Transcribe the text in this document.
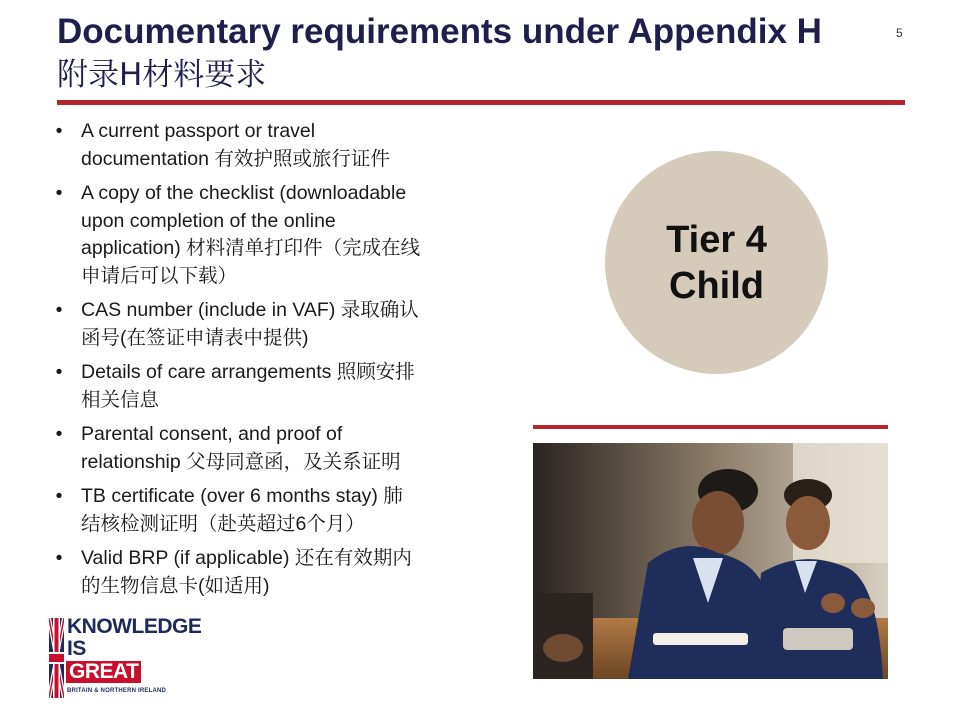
Documentary requirements under Appendix H
附录H材料要求
5
• A current passport or travel
documentation 有效护照或旅行证件
• A copy of the checklist (downloadable
upon completion of the online
application) 材料清单打印件（完成在线
申请后可以下载）
• CAS number (include in VAF) 录取确认
函号(在签证申请表中提供)
• Details of care arrangements 照顾安排
相关信息
• Parental consent, and proof of
relationship 父母同意函，及关系证明
• TB certificate (over 6 months stay) 肺
结核检测证明（赴英超过6个月）
• Valid BRP (if applicable) 还在有效期内
的生物信息卡(如适用)
Tier 4
Child
KNOWLEDGE
IS
GREAT
BRITAIN & NORTHERN IRELAND
